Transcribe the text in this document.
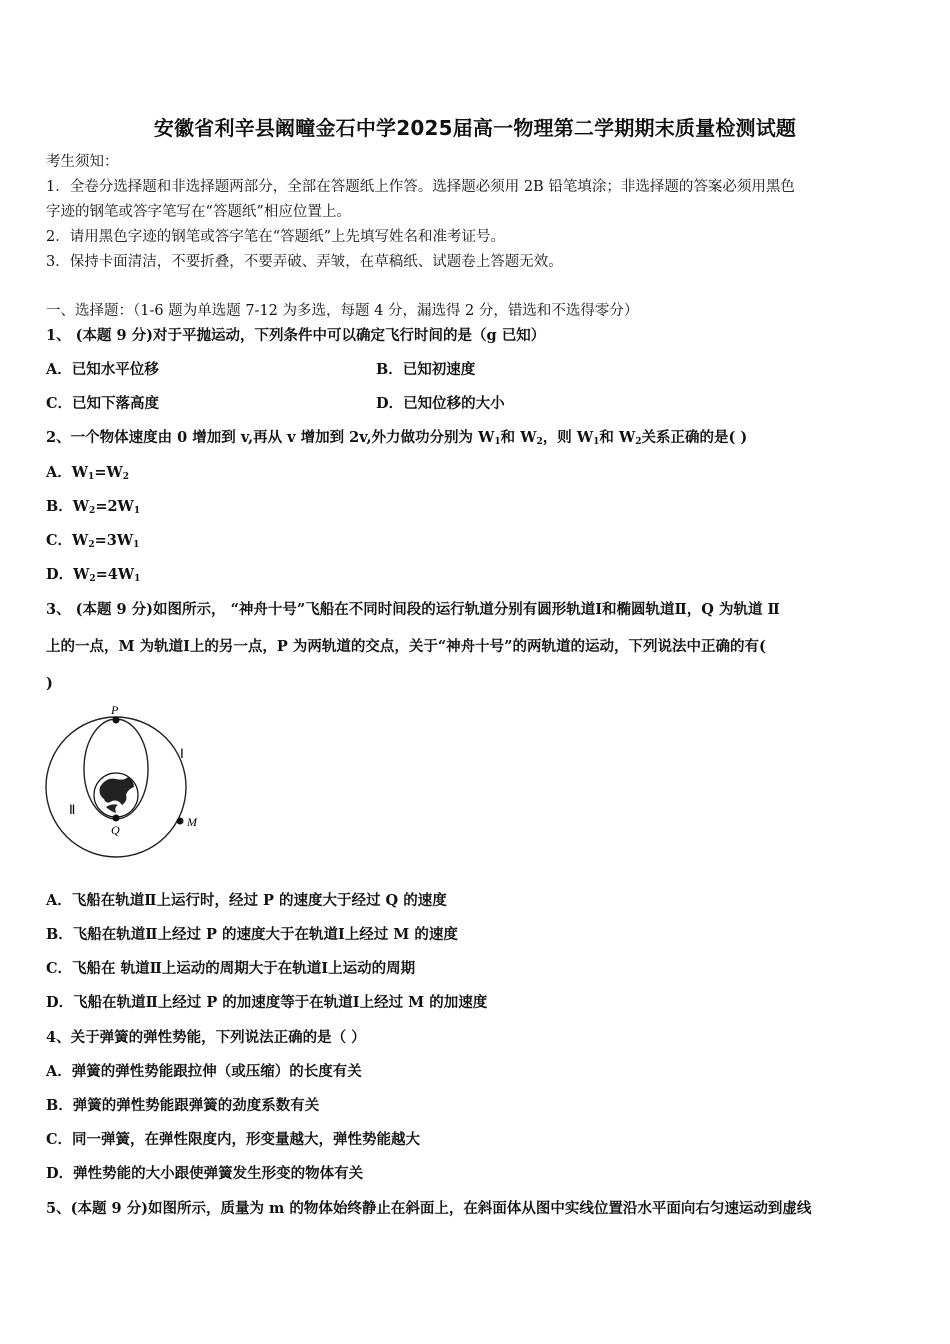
安徽省利辛县阚疃金石中学2025届高一物理第二学期期末质量检测试题
考生须知：
1．全卷分选择题和非选择题两部分，全部在答题纸上作答。选择题必须用 2B 铅笔填涂；非选择题的答案必须用黑色
字迹的钢笔或答字笔写在“答题纸”相应位置上。
2．请用黑色字迹的钢笔或答字笔在“答题纸”上先填写姓名和准考证号。
3．保持卡面清洁，不要折叠，不要弄破、弄皱，在草稿纸、试题卷上答题无效。
一、选择题：（1-6 题为单选题 7-12 为多选，每题 4 分，漏选得 2 分，错选和不选得零分）
1、 (本题 9 分)对于平抛运动，下列条件中可以确定飞行时间的是（g 已知）
A．已知水平位移	B．已知初速度
C．已知下落高度	D．已知位移的大小
2、一个物体速度由 0 增加到 v,再从 v 增加到 2v,外力做功分别为 $W_1$和 $W_2$，则 $W_1$和 $W_2$关系正确的是( )
A．$W_1=W_2$
B．$W_2=2W_1$
C．$W_2=3W_1$
D．$W_2=4W_1$
3、 (本题 9 分)如图所示， “神舟十号”飞船在不同时间段的运行轨道分别有圆形轨道Ⅰ和椭圆轨道Ⅱ，Q 为轨道 Ⅱ
上的一点，M 为轨道Ⅰ上的另一点，P 为两轨道的交点，关于“神舟十号”的两轨道的运动，下列说法中正确的有(
)
P
Q
M
Ⅰ
Ⅱ
A．飞船在轨道Ⅱ上运行时，经过 P 的速度大于经过 Q 的速度
B．飞船在轨道Ⅱ上经过 P 的速度大于在轨道Ⅰ上经过 M 的速度
C．飞船在 轨道Ⅱ上运动的周期大于在轨道Ⅰ上运动的周期
D．飞船在轨道Ⅱ上经过 P 的加速度等于在轨道Ⅰ上经过 M 的加速度
4、关于弹簧的弹性势能，下列说法正确的是（ ）
A．弹簧的弹性势能跟拉伸（或压缩）的长度有关
B．弹簧的弹性势能跟弹簧的劲度系数有关
C．同一弹簧，在弹性限度内，形变量越大，弹性势能越大
D．弹性势能的大小跟使弹簧发生形变的物体有关
5、(本题 9 分)如图所示，质量为 m 的物体始终静止在斜面上，在斜面体从图中实线位置沿水平面向右匀速运动到虚线
